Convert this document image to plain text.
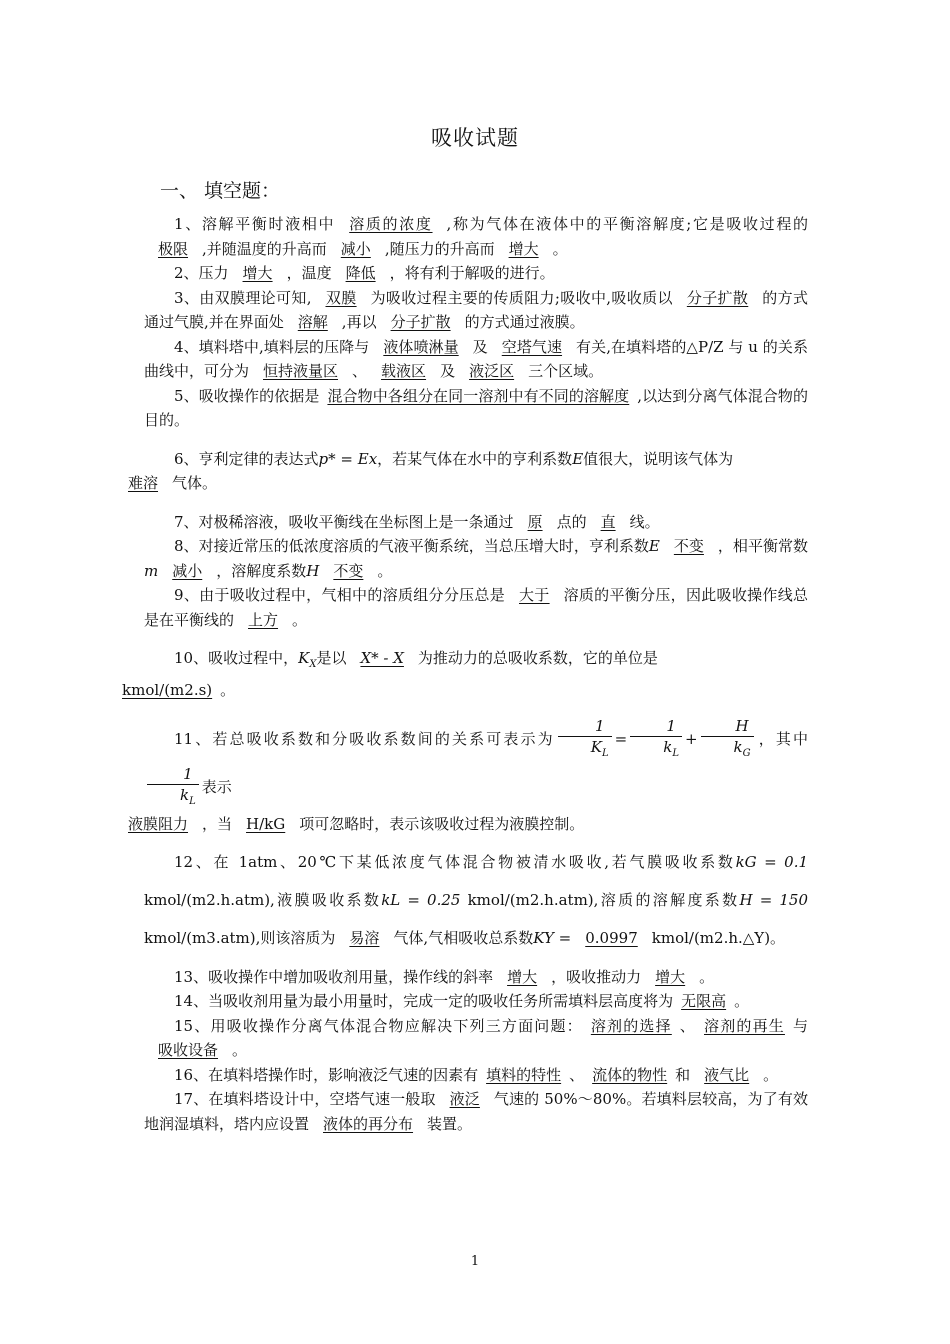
吸收试题
一、 填空题：

1、溶解平衡时液相中 溶质的浓度 ,称为气体在液体中的平衡溶解度;它是吸收过程的极限 ,并随温度的升高而 减小 ,随压力的升高而 增大 。

2、压力 增大 ，温度 降低 ，将有利于解吸的进行。

3、由双膜理论可知, 双膜 为吸收过程主要的传质阻力;吸收中,吸收质以 分子扩散 的方式通过气膜,并在界面处 溶解 ,再以 分子扩散 的方式通过液膜。

4、填料塔中,填料层的压降与 液体喷淋量 及 空塔气速 有关,在填料塔的△P/Z 与 u 的关系曲线中，可分为 恒持液量区 、 载液区 及 液泛区 三个区域。

5、吸收操作的依据是 混合物中各组分在同一溶剂中有不同的溶解度 ,以达到分离气体混合物的目的。

6、亨利定律的表达式p* = Ex，若某气体在水中的亨利系数E值很大，说明该气体为
难溶 气体。

7、对极稀溶液，吸收平衡线在坐标图上是一条通过 原 点的 直 线。

8、对接近常压的低浓度溶质的气液平衡系统，当总压增大时，亨利系数E 不变 ，相平衡常数m 减小 ，溶解度系数H 不变 。

9、由于吸收过程中，气相中的溶质组分分压总是 大于 溶质的平衡分压，因此吸收操作线总是在平衡线的 上方 。

10、吸收过程中，$K_X$是以 X* - X 为推动力的总吸收系数，它的单位是
kmol/(m2.s) 。

11、若总吸收系数和分吸收系数间的关系可表示为 $\frac{1}{K_L} = \frac{1}{k_L} + \frac{H}{k_G}$ ，其中
$\frac{1}{k_L}$ 表示
液膜阻力 ，当 H/kG 项可忽略时，表示该吸收过程为液膜控制。

12、在 1atm、20℃下某低浓度气体混合物被清水吸收,若气膜吸收系数kG = 0.1 kmol/(m2.h.atm),液膜吸收系数kL = 0.25 kmol/(m2.h.atm),溶质的溶解度系数H = 150 kmol/(m3.atm),则该溶质为 易溶 气体,气相吸收总系数KY = 0.0997 kmol/(m2.h.△Y)。

13、吸收操作中增加吸收剂用量，操作线的斜率 增大 ，吸收推动力 增大 。

14、当吸收剂用量为最小用量时，完成一定的吸收任务所需填料层高度将为 无限高 。

15、用吸收操作分离气体混合物应解决下列三方面问题： 溶剂的选择 、 溶剂的再生 与吸收设备 。

16、在填料塔操作时，影响液泛气速的因素有 填料的特性 、 流体的物性 和 液气比 。

17、在填料塔设计中，空塔气速一般取 液泛 气速的 50%～80%。若填料层较高，为了有效地润湿填料，塔内应设置 液体的再分布 装置。

1
